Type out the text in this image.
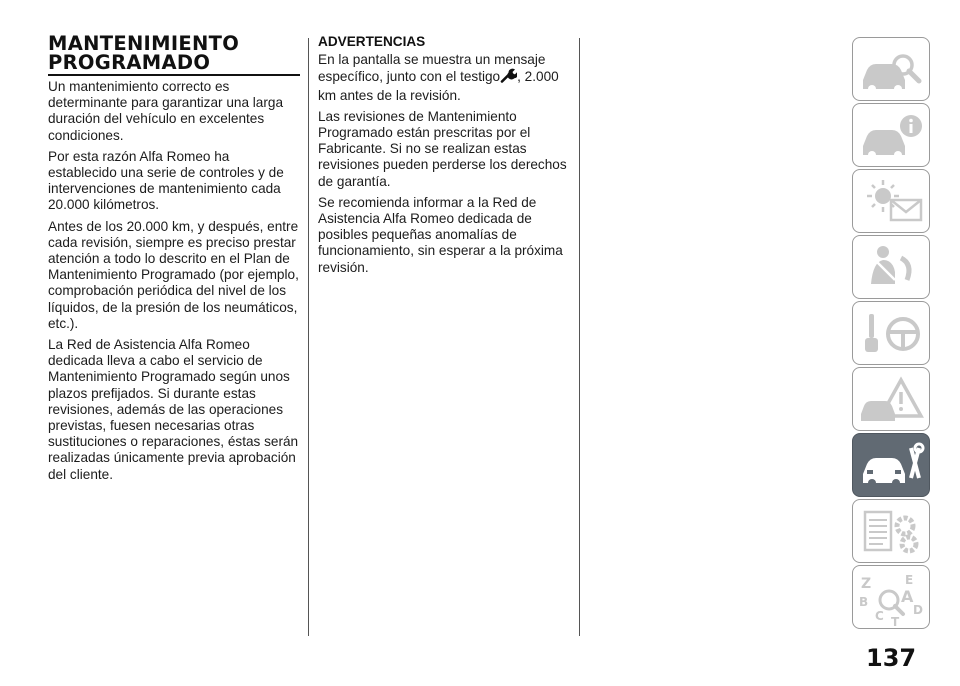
MANTENIMIENTO
PROGRAMADO

Un mantenimiento correcto es determinante para garantizar una larga duración del vehículo en excelentes condiciones.

Por esta razón Alfa Romeo ha establecido una serie de controles y de intervenciones de mantenimiento cada 20.000 kilómetros.

Antes de los 20.000 km, y después, entre cada revisión, siempre es preciso prestar atención a todo lo descrito en el Plan de Mantenimiento Programado (por ejemplo, comprobación periódica del nivel de los líquidos, de la presión de los neumáticos, etc.).

La Red de Asistencia Alfa Romeo dedicada lleva a cabo el servicio de Mantenimiento Programado según unos plazos prefijados. Si durante estas revisiones, además de las operaciones previstas, fuesen necesarias otras sustituciones o reparaciones, éstas serán realizadas únicamente previa aprobación del cliente.

ADVERTENCIAS

En la pantalla se muestra un mensaje específico, junto con el testigo , 2.000 km antes de la revisión.

Las revisiones de Mantenimiento Programado están prescritas por el Fabricante. Si no se realizan estas revisiones pueden perderse los derechos de garantía.

Se recomienda informar a la Red de Asistencia Alfa Romeo dedicada de posibles pequeñas anomalías de funcionamiento, sin esperar a la próxima revisión.

Z	E
B A
C D
T
137
